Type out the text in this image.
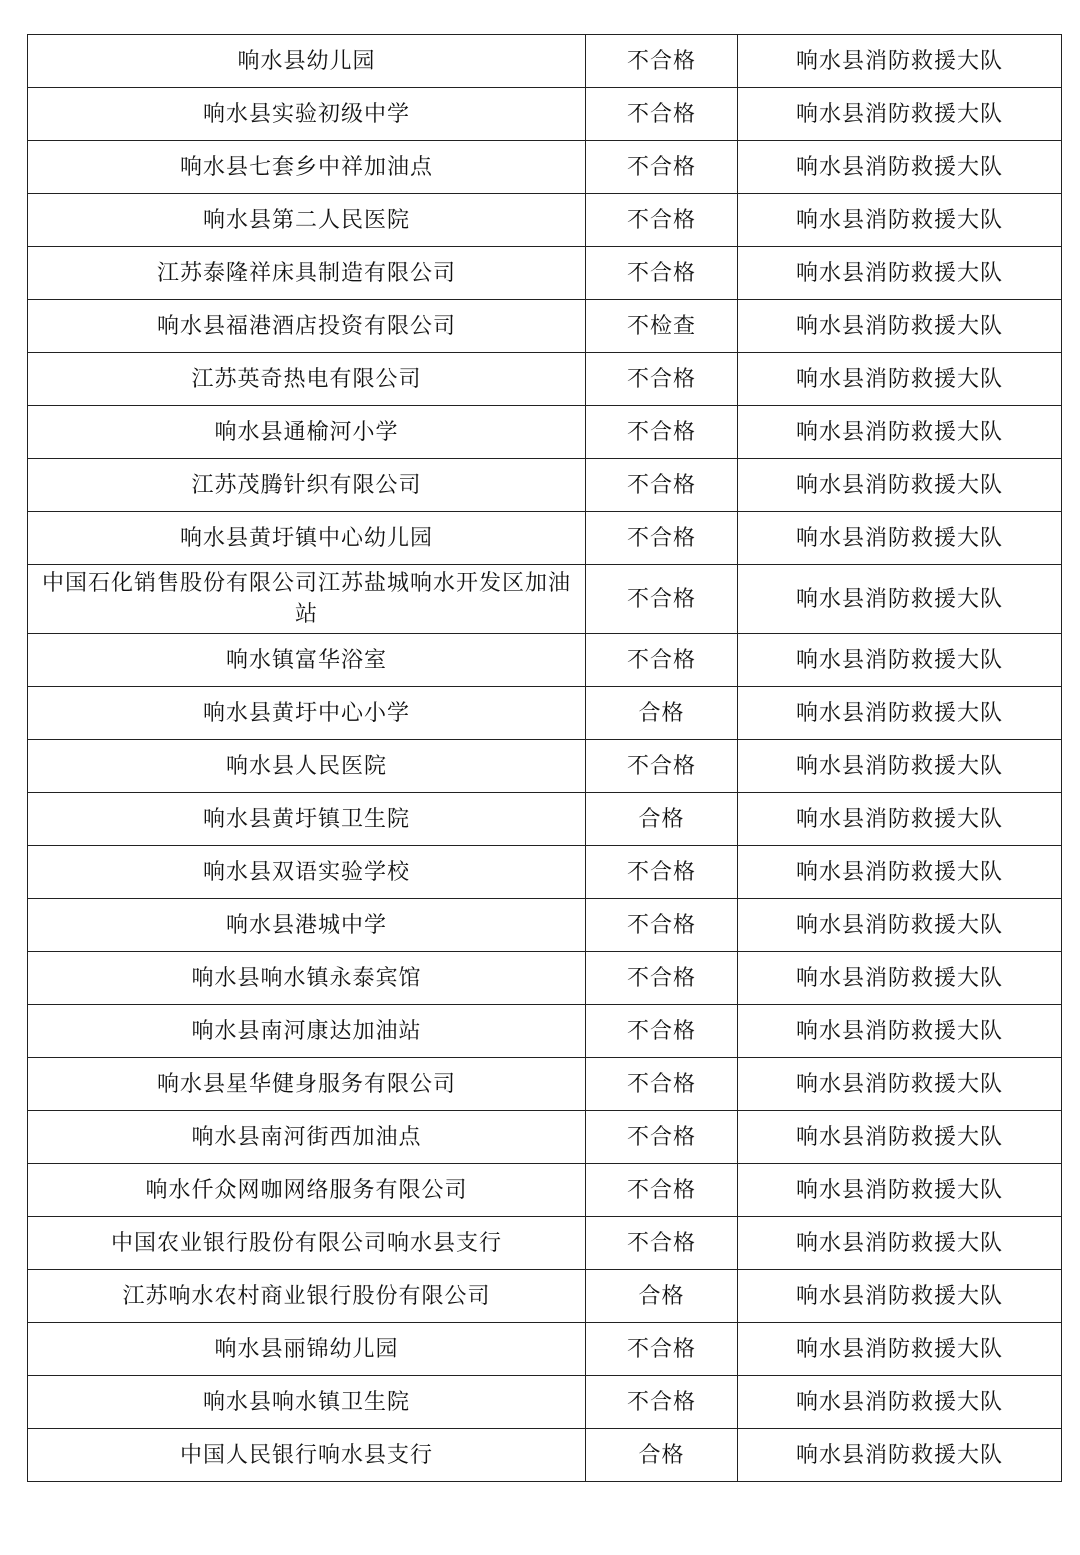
响水县幼儿园	不合格	响水县消防救援大队
响水县实验初级中学	不合格	响水县消防救援大队
响水县七套乡中祥加油点	不合格	响水县消防救援大队
响水县第二人民医院	不合格	响水县消防救援大队
江苏泰隆祥床具制造有限公司	不合格	响水县消防救援大队
响水县福港酒店投资有限公司	不检查	响水县消防救援大队
江苏英奇热电有限公司	不合格	响水县消防救援大队
响水县通榆河小学	不合格	响水县消防救援大队
江苏茂腾针织有限公司	不合格	响水县消防救援大队
响水县黄圩镇中心幼儿园	不合格	响水县消防救援大队
中国石化销售股份有限公司江苏盐城响水开发区加油站	不合格	响水县消防救援大队
响水镇富华浴室	不合格	响水县消防救援大队
响水县黄圩中心小学	合格	响水县消防救援大队
响水县人民医院	不合格	响水县消防救援大队
响水县黄圩镇卫生院	合格	响水县消防救援大队
响水县双语实验学校	不合格	响水县消防救援大队
响水县港城中学	不合格	响水县消防救援大队
响水县响水镇永泰宾馆	不合格	响水县消防救援大队
响水县南河康达加油站	不合格	响水县消防救援大队
响水县星华健身服务有限公司	不合格	响水县消防救援大队
响水县南河街西加油点	不合格	响水县消防救援大队
响水仟众网咖网络服务有限公司	不合格	响水县消防救援大队
中国农业银行股份有限公司响水县支行	不合格	响水县消防救援大队
江苏响水农村商业银行股份有限公司	合格	响水县消防救援大队
响水县丽锦幼儿园	不合格	响水县消防救援大队
响水县响水镇卫生院	不合格	响水县消防救援大队
中国人民银行响水县支行	合格	响水县消防救援大队
